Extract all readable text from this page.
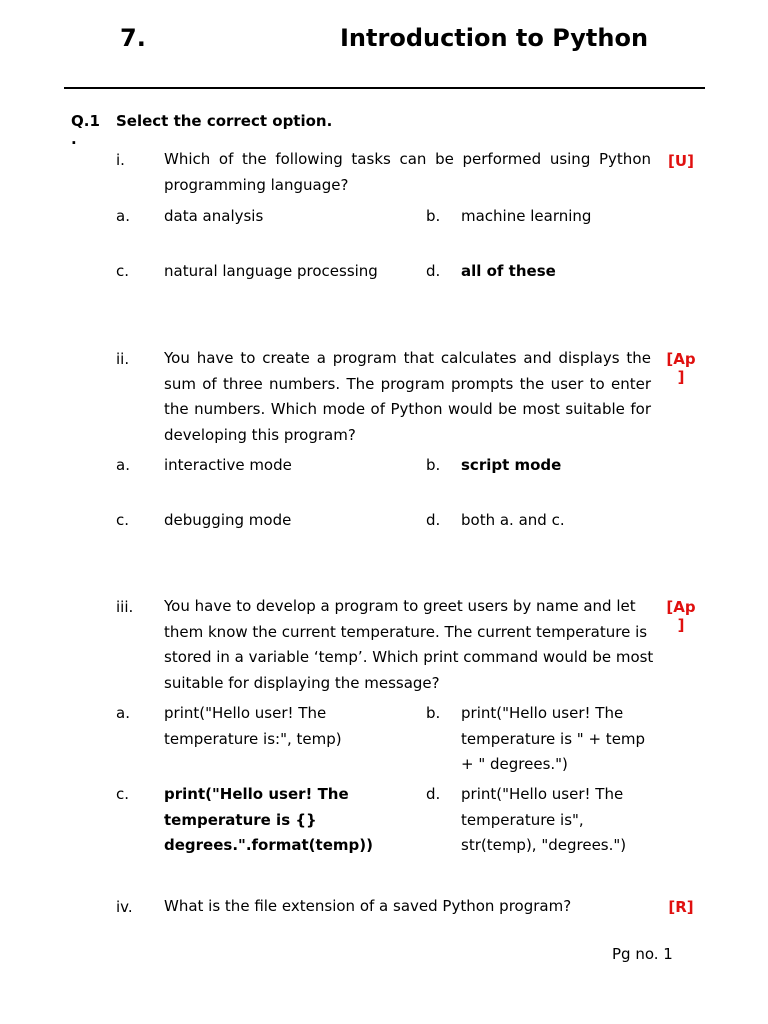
7.	Introduction to Python
Q.1
.
Select the correct option.
i.	Which of the following tasks can be performed using Python programming language?
[U]
a. data analysis	b. machine learning
c. natural language processing	d. all of these
ii. You have to create a program that calculates and displays the sum of three numbers. The program prompts the user to enter the numbers. Which mode of Python would be most suitable for developing this program?
[Ap
]
a. interactive mode	b. script mode
c. debugging mode	d. both a. and c.
iii. You have to develop a program to greet users by name and let them know the current temperature. The current temperature is stored in a variable ‘temp’. Which print command would be most suitable for displaying the message?
[Ap
]
a. print("Hello user! The temperature is:", temp)
b. print("Hello user! The temperature is " + temp + " degrees.")
c. print("Hello user! The temperature is {} degrees.".format(temp))
d. print("Hello user! The temperature is", str(temp), "degrees.")
iv. What is the file extension of a saved Python program?	[R]
Pg no. 1
